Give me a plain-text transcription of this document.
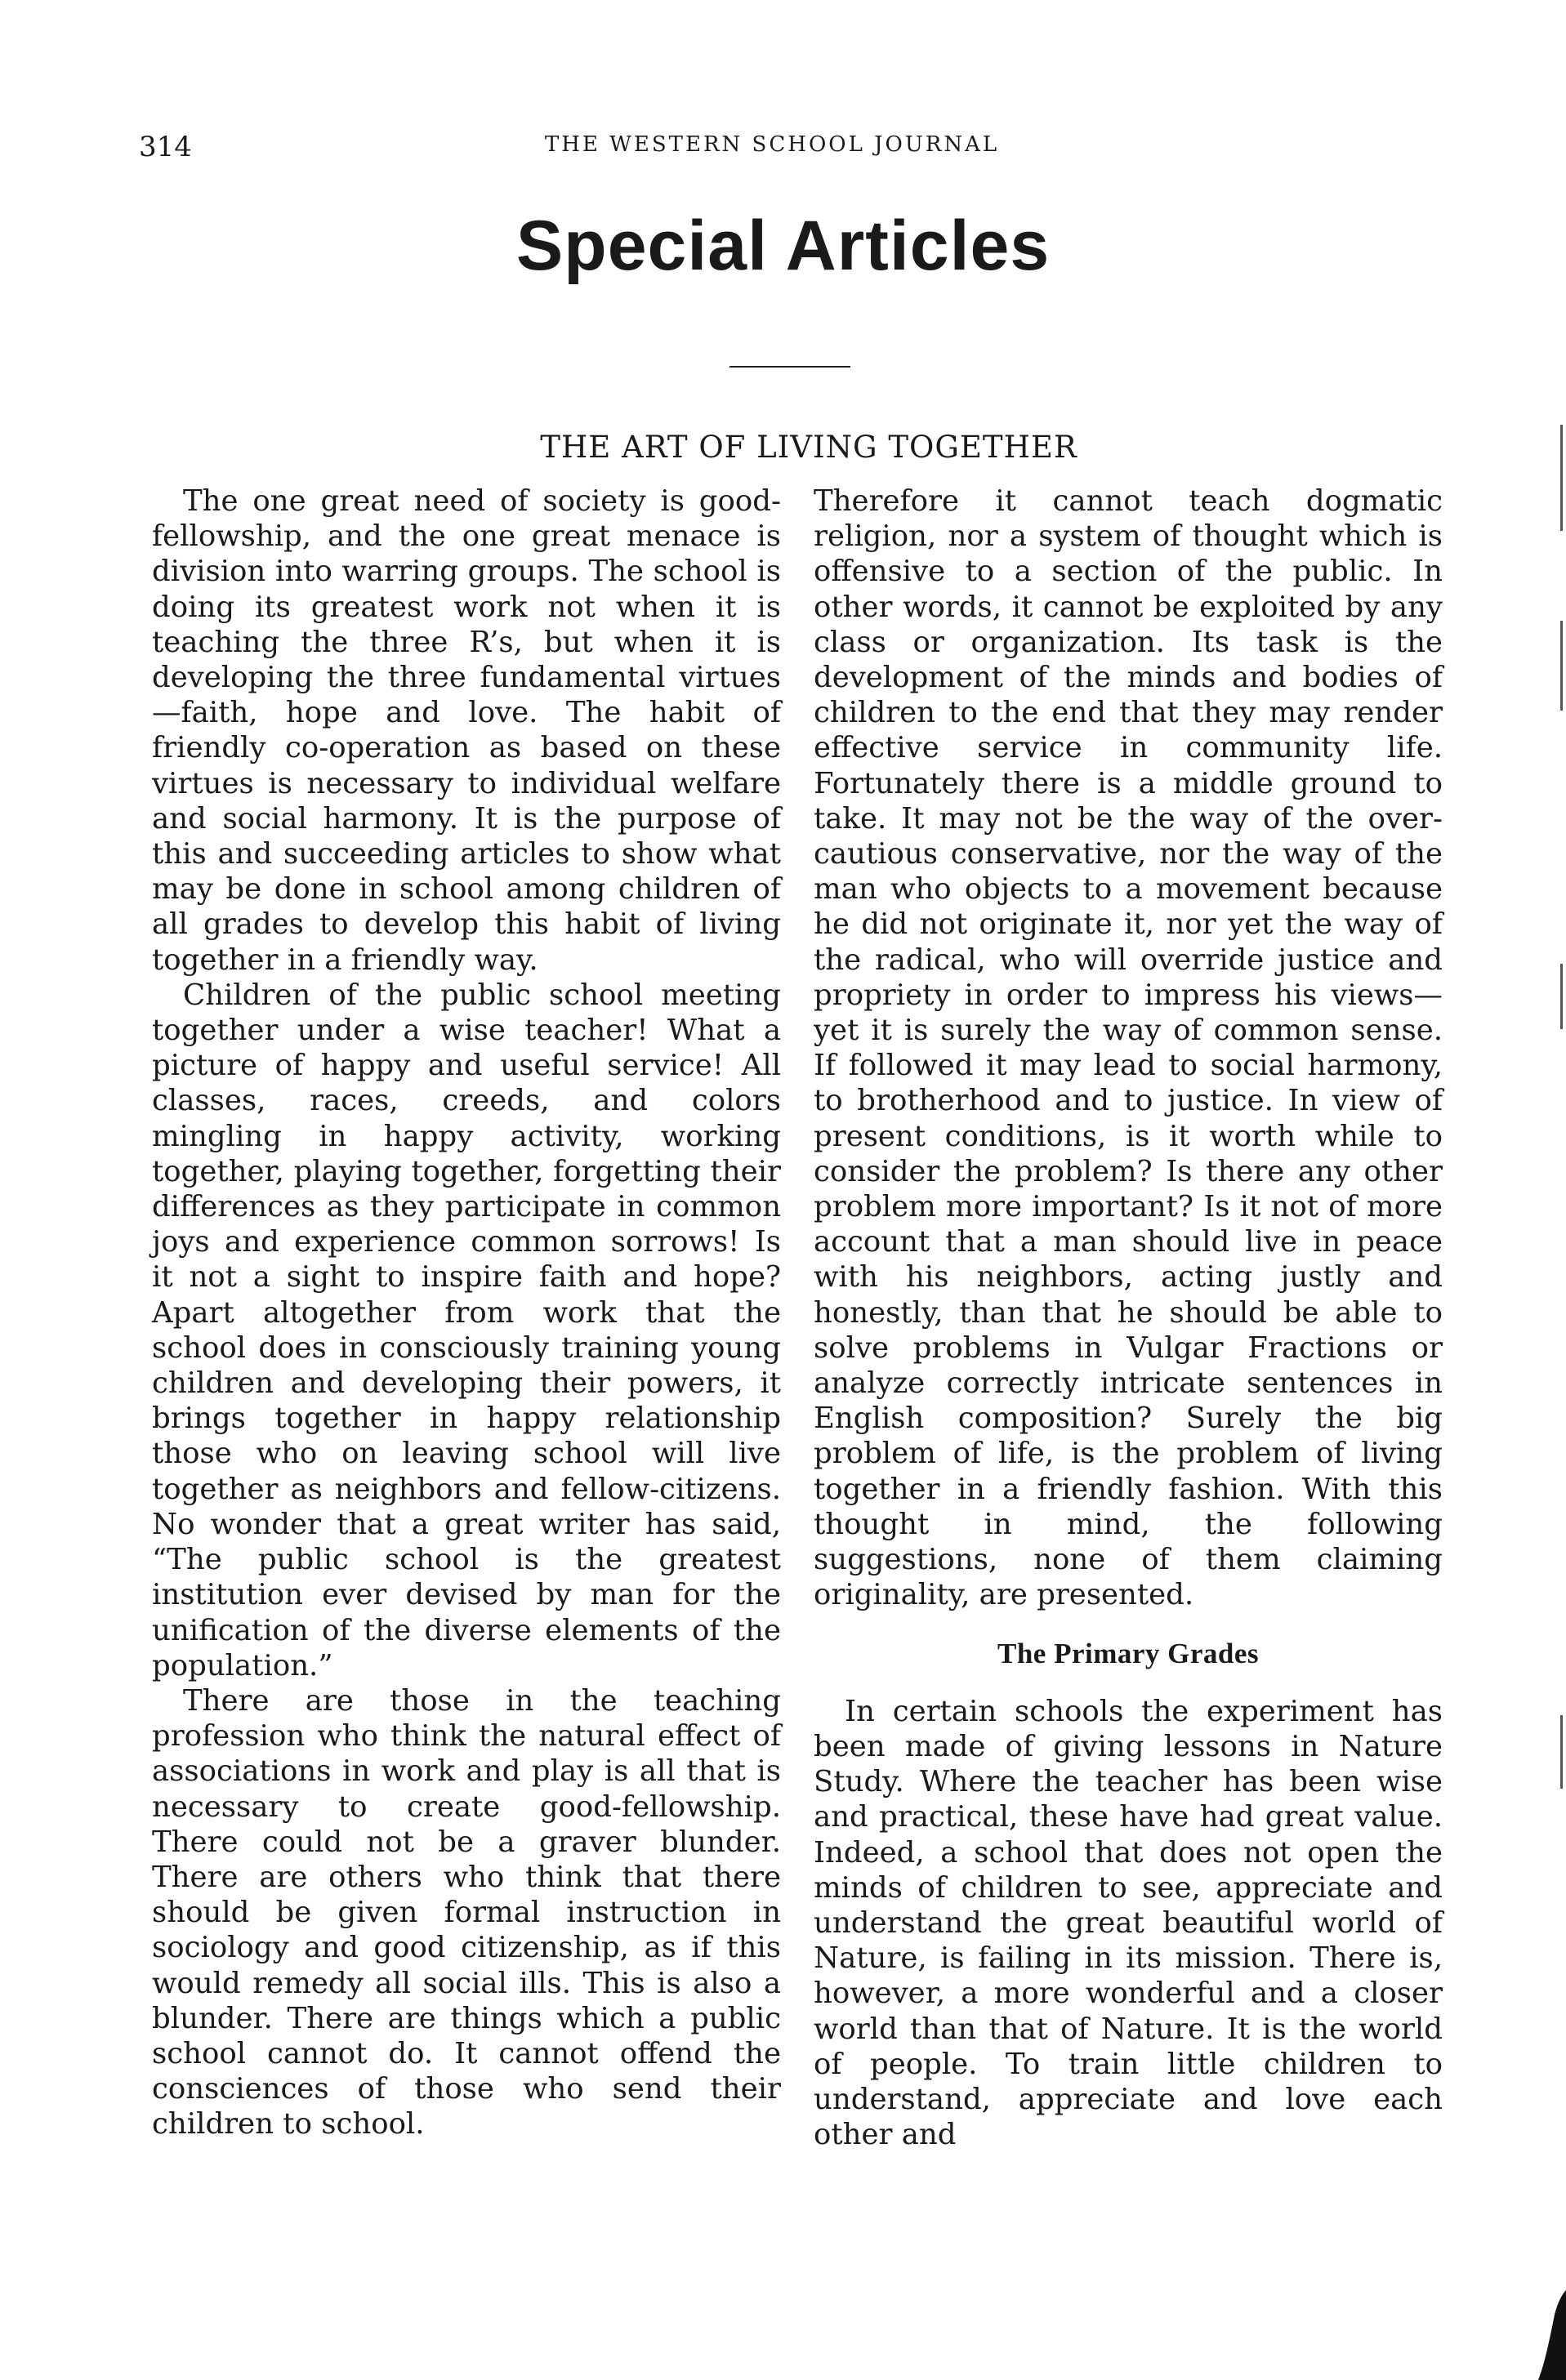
314	THE WESTERN SCHOOL JOURNAL
Special Articles
THE ART OF LIVING TOGETHER

The one great need of society is good-fellowship, and the one great menace is division into warring groups. The school is doing its greatest work not when it is teaching the three R’s, but when it is developing the three fundamental virtues—faith, hope and love. The habit of friendly co-operation as based on these virtues is necessary to individual welfare and social harmony. It is the purpose of this and succeeding articles to show what may be done in school among children of all grades to develop this habit of living together in a friendly way.

Children of the public school meeting together under a wise teacher! What a picture of happy and useful service! All classes, races, creeds, and colors mingling in happy activity, working together, playing together, forgetting their differences as they participate in common joys and experience common sorrows! Is it not a sight to inspire faith and hope? Apart altogether from work that the school does in consciously training young children and developing their powers, it brings together in happy relationship those who on leaving school will live together as neighbors and fellow-citizens. No wonder that a great writer has said, “The public school is the greatest institution ever devised by man for the unification of the diverse elements of the population.”

There are those in the teaching profession who think the natural effect of associations in work and play is all that is necessary to create good-fellowship. There could not be a graver blunder. There are others who think that there should be given formal instruction in sociology and good citizenship, as if this would remedy all social ills. This is also a blunder. There are things which a public school cannot do. It cannot offend the consciences of those who send their children to school.

Therefore it cannot teach dogmatic religion, nor a system of thought which is offensive to a section of the public. In other words, it cannot be exploited by any class or organization. Its task is the development of the minds and bodies of children to the end that they may render effective service in community life. Fortunately there is a middle ground to take. It may not be the way of the over-cautious conservative, nor the way of the man who objects to a movement because he did not originate it, nor yet the way of the radical, who will override justice and propriety in order to impress his views—yet it is surely the way of common sense. If followed it may lead to social harmony, to brotherhood and to justice. In view of present conditions, is it worth while to consider the problem? Is there any other problem more important? Is it not of more account that a man should live in peace with his neighbors, acting justly and honestly, than that he should be able to solve problems in Vulgar Fractions or analyze correctly intricate sentences in English composition? Surely the big problem of life, is the problem of living together in a friendly fashion. With this thought in mind, the following suggestions, none of them claiming originality, are presented.

The Primary Grades

In certain schools the experiment has been made of giving lessons in Nature Study. Where the teacher has been wise and practical, these have had great value. Indeed, a school that does not open the minds of children to see, appreciate and understand the great beautiful world of Nature, is failing in its mission. There is, however, a more wonderful and a closer world than that of Nature. It is the world of people. To train little children to understand, appreciate and love each other and
